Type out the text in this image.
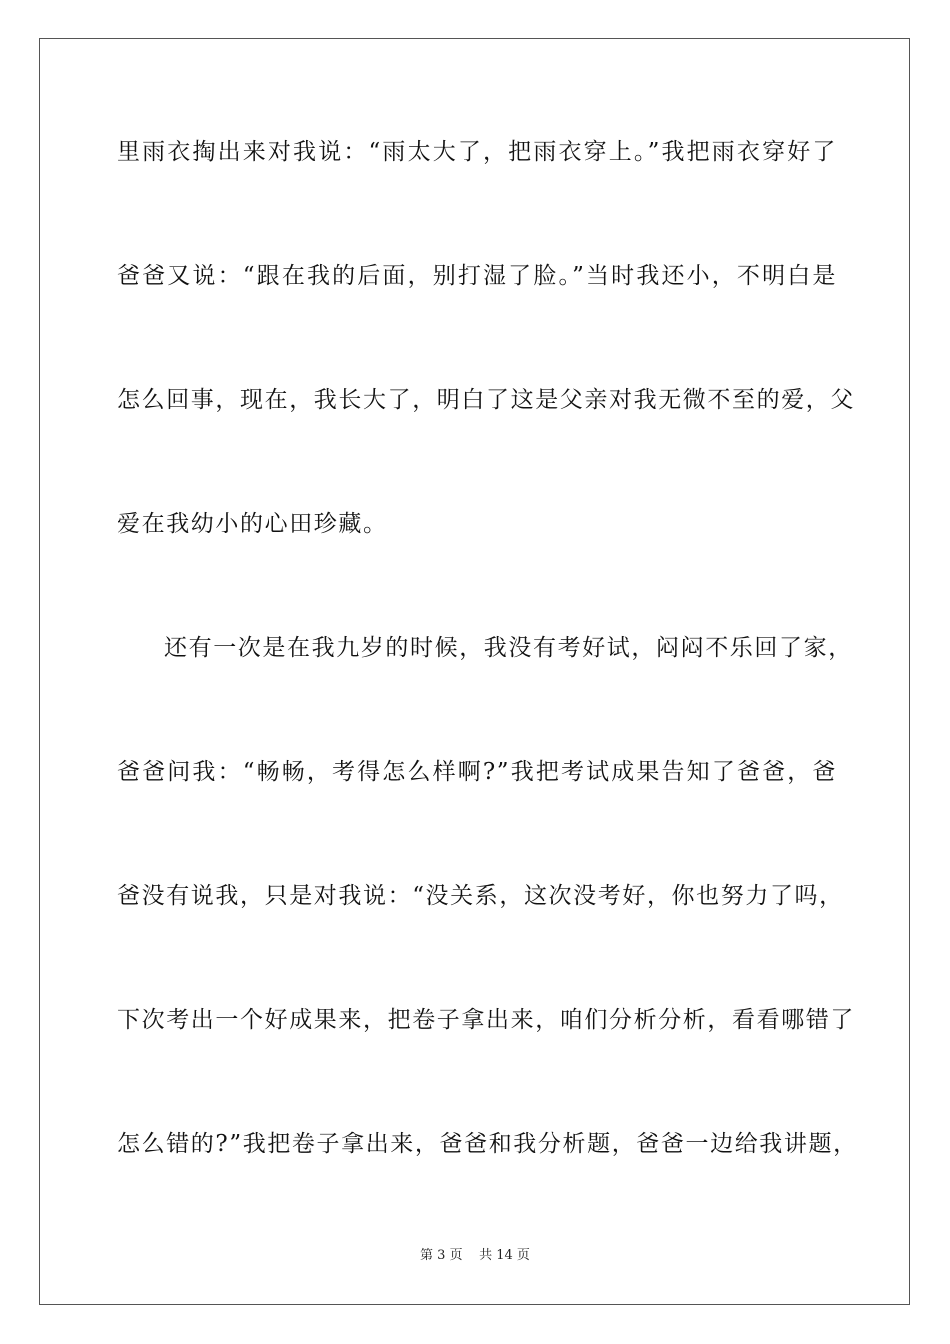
里雨衣掏出来对我说：“雨太大了，把雨衣穿上。”我把雨衣穿好了
爸爸又说：“跟在我的后面，别打湿了脸。”当时我还小，不明白是
怎么回事，现在，我长大了，明白了这是父亲对我无微不至的爱，父
爱在我幼小的心田珍藏。
还有一次是在我九岁的时候，我没有考好试，闷闷不乐回了家，
爸爸问我：“畅畅，考得怎么样啊?”我把考试成果告知了爸爸，爸
爸没有说我，只是对我说：“没关系，这次没考好，你也努力了吗，
下次考出一个好成果来，把卷子拿出来，咱们分析分析，看看哪错了
怎么错的?”我把卷子拿出来，爸爸和我分析题，爸爸一边给我讲题，
第 3 页 共 14 页
